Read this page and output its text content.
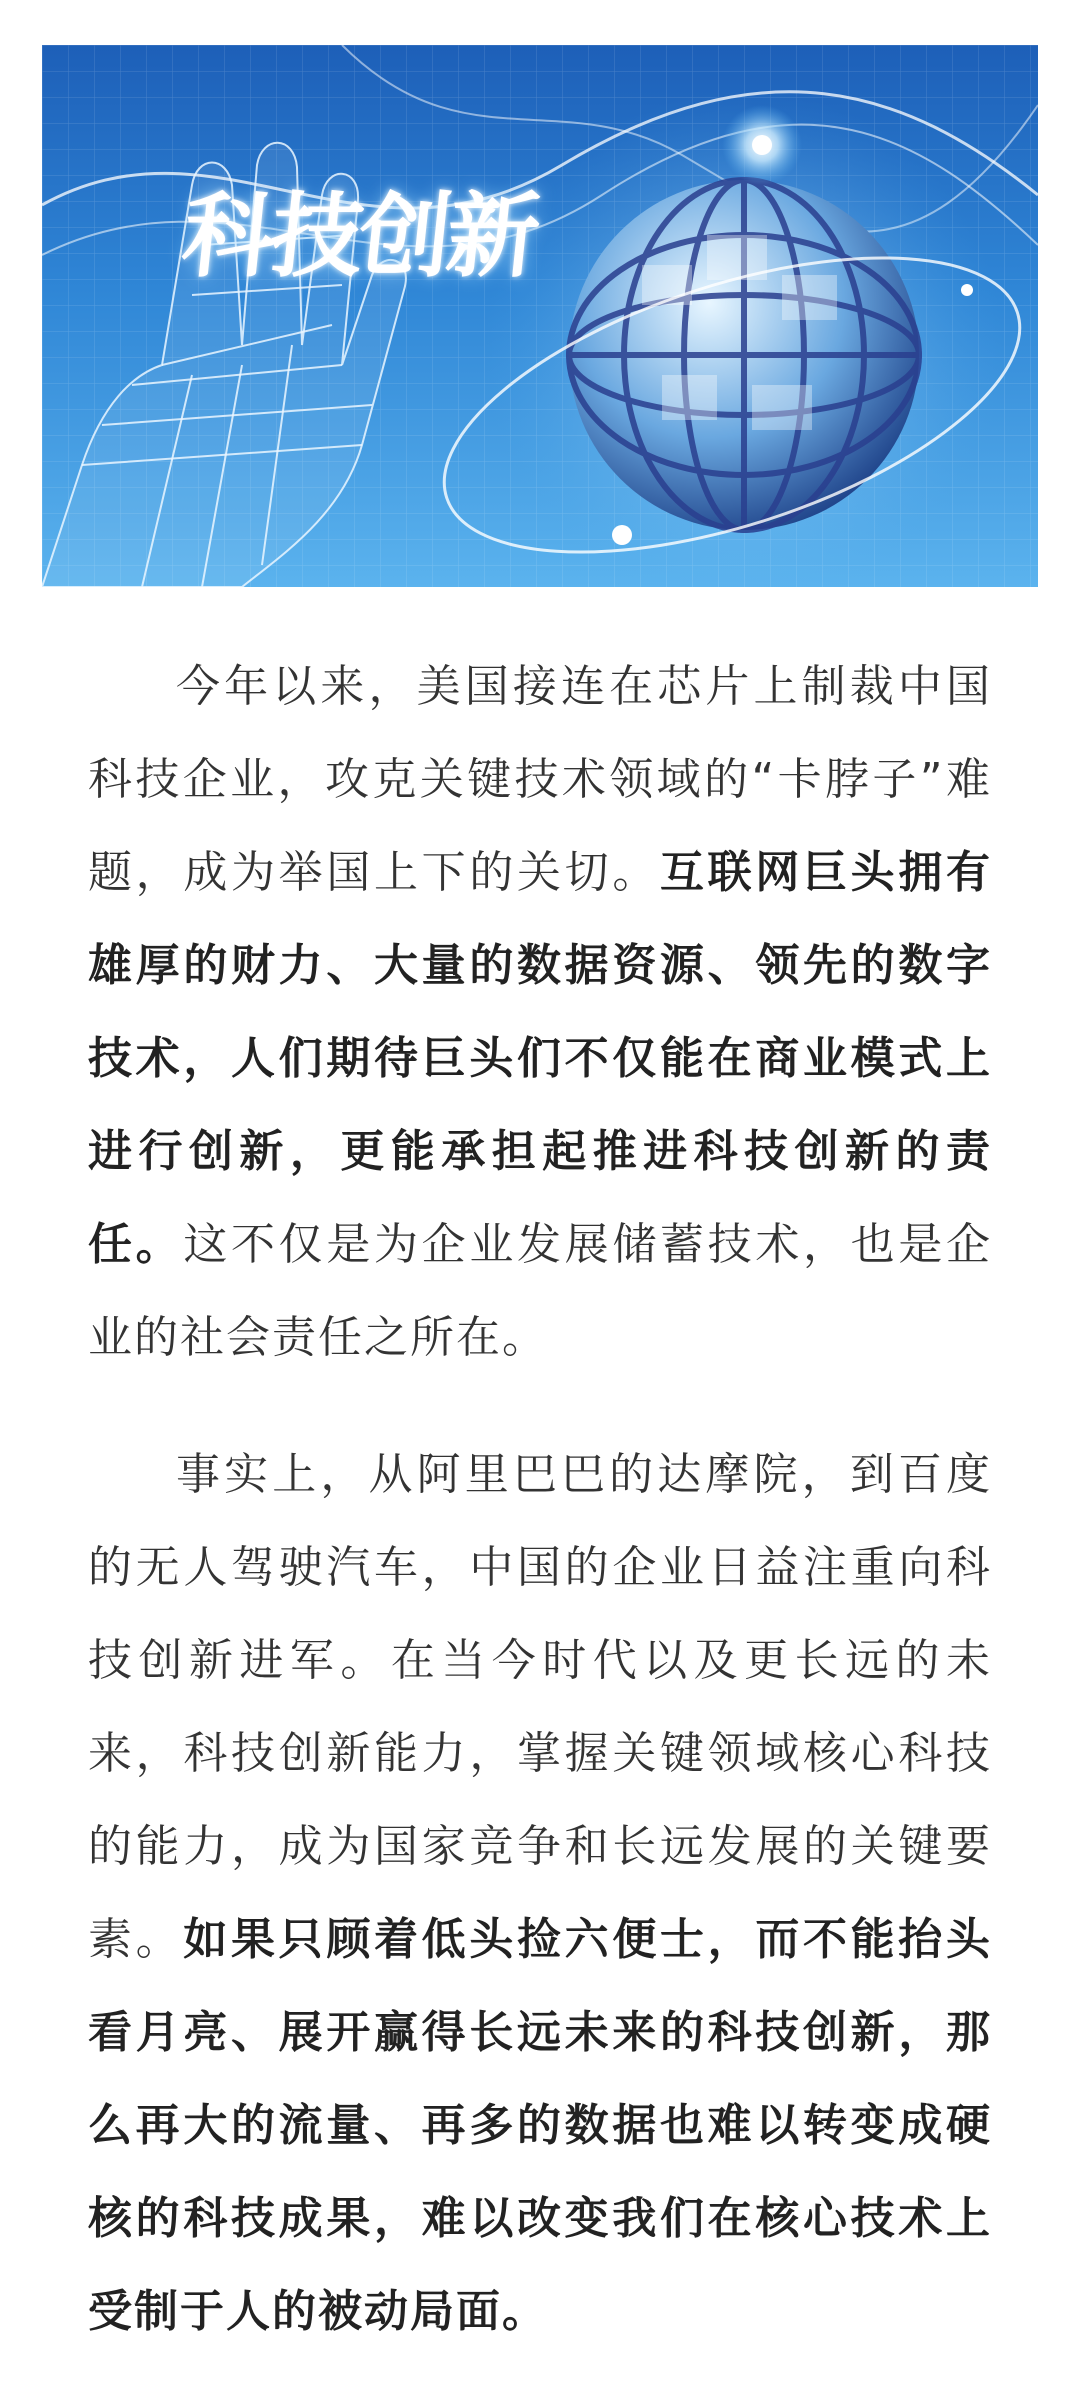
科技创新

今年以来，美国接连在芯片上制裁中国科技企业，攻克关键技术领域的“卡脖子”难题，成为举国上下的关切。互联网巨头拥有雄厚的财力、大量的数据资源、领先的数字技术，人们期待巨头们不仅能在商业模式上进行创新，更能承担起推进科技创新的责任。这不仅是为企业发展储蓄技术，也是企业的社会责任之所在。

事实上，从阿里巴巴的达摩院，到百度的无人驾驶汽车，中国的企业日益注重向科技创新进军。在当今时代以及更长远的未来，科技创新能力，掌握关键领域核心科技的能力，成为国家竞争和长远发展的关键要素。如果只顾着低头捡六便士，而不能抬头看月亮、展开赢得长远未来的科技创新，那么再大的流量、再多的数据也难以转变成硬核的科技成果，难以改变我们在核心技术上受制于人的被动局面。
